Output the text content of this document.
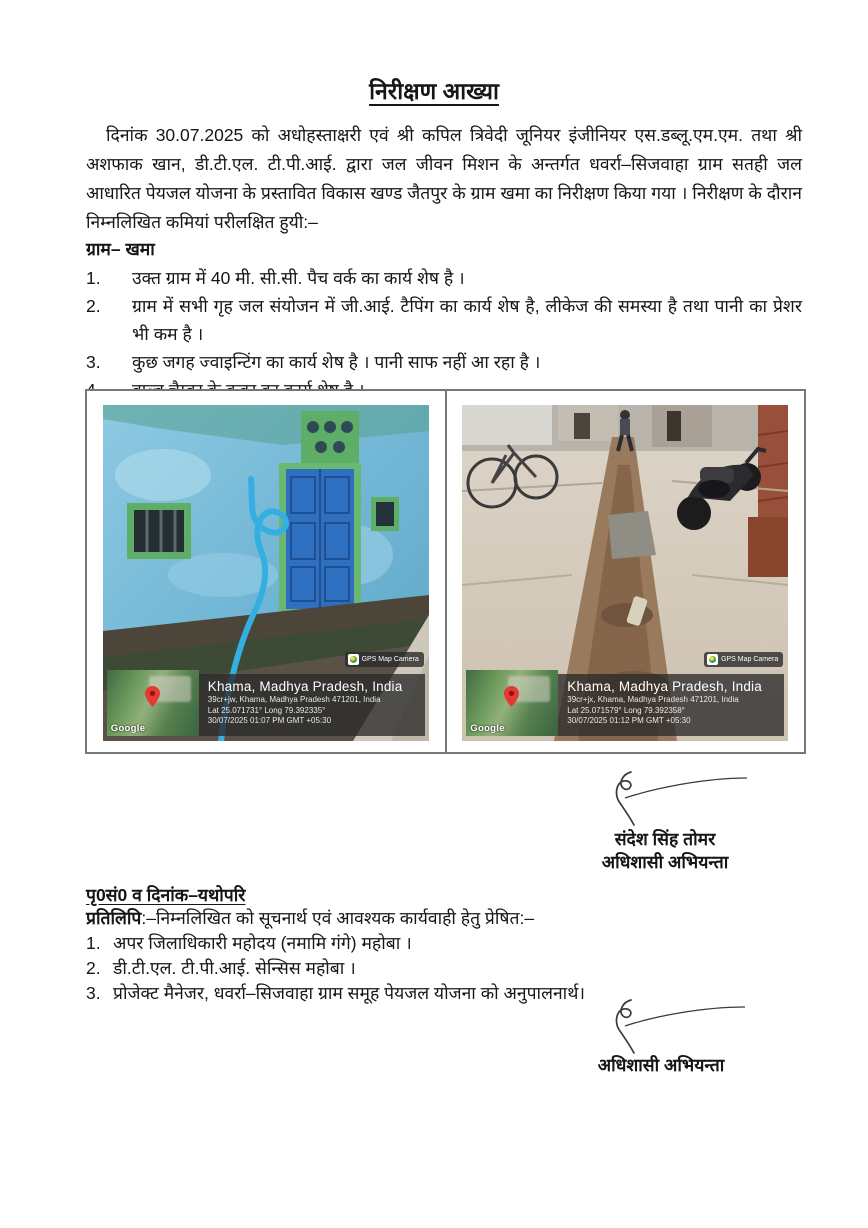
निरीक्षण आख्या

दिनांक 30.07.2025 को अधोहस्ताक्षरी एवं श्री कपिल त्रिवेदी जूनियर इंजीनियर एस.डब्लू.एम.एम. तथा श्री अशफाक खान, डी.टी.एल. टी.पी.आई. द्वारा जल जीवन मिशन के अन्तर्गत धवर्रा–सिजवाहा ग्राम सतही जल आधारित पेयजल योजना के प्रस्तावित विकास खण्ड जैतपुर के ग्राम खमा का निरीक्षण किया गया । निरीक्षण के दौरान निम्नलिखित कमियां परीलक्षित हुयी:–

ग्राम– खमा
1.	उक्त ग्राम में 40 मी. सी.सी. पैच वर्क का कार्य शेष है ।
2.	ग्राम में सभी गृह जल संयोजन में जी.आई. टैपिंग का कार्य शेष है, लीकेज की समस्या है तथा पानी का प्रेशर भी कम है ।
3.	कुछ जगह ज्वाइन्टिंग का कार्य शेष है । पानी साफ नहीं आ रहा है ।
GPS Map Camera
Google
Khama, Madhya Pradesh, India
39cr+jw, Khama, Madhya Pradesh 471201, India
Lat 25.071731° Long 79.392335°
30/07/2025 01:07 PM GMT +05:30
GPS Map Camera
Google
Khama, Madhya Pradesh, India
39cr+jx, Khama, Madhya Pradesh 471201, India
Lat 25.071579° Long 79.392358°
30/07/2025 01:12 PM GMT +05:30
संदेश सिंह तोमर
अधिशासी अभियन्ता
पृ0सं0 व दिनांक–यथोपरि
प्रतिलिपि:–निम्नलिखित को सूचनार्थ एवं आवश्यक कार्यवाही हेतु प्रेषित:–
1. अपर जिलाधिकारी महोदय (नमामि गंगे) महोबा ।
2. डी.टी.एल. टी.पी.आई. सेन्सिस महोबा ।
3. प्रोजेक्ट मैनेजर, धवर्रा–सिजवाहा ग्राम समूह पेयजल योजना को अनुपालनार्थ।
अधिशासी अभियन्ता
